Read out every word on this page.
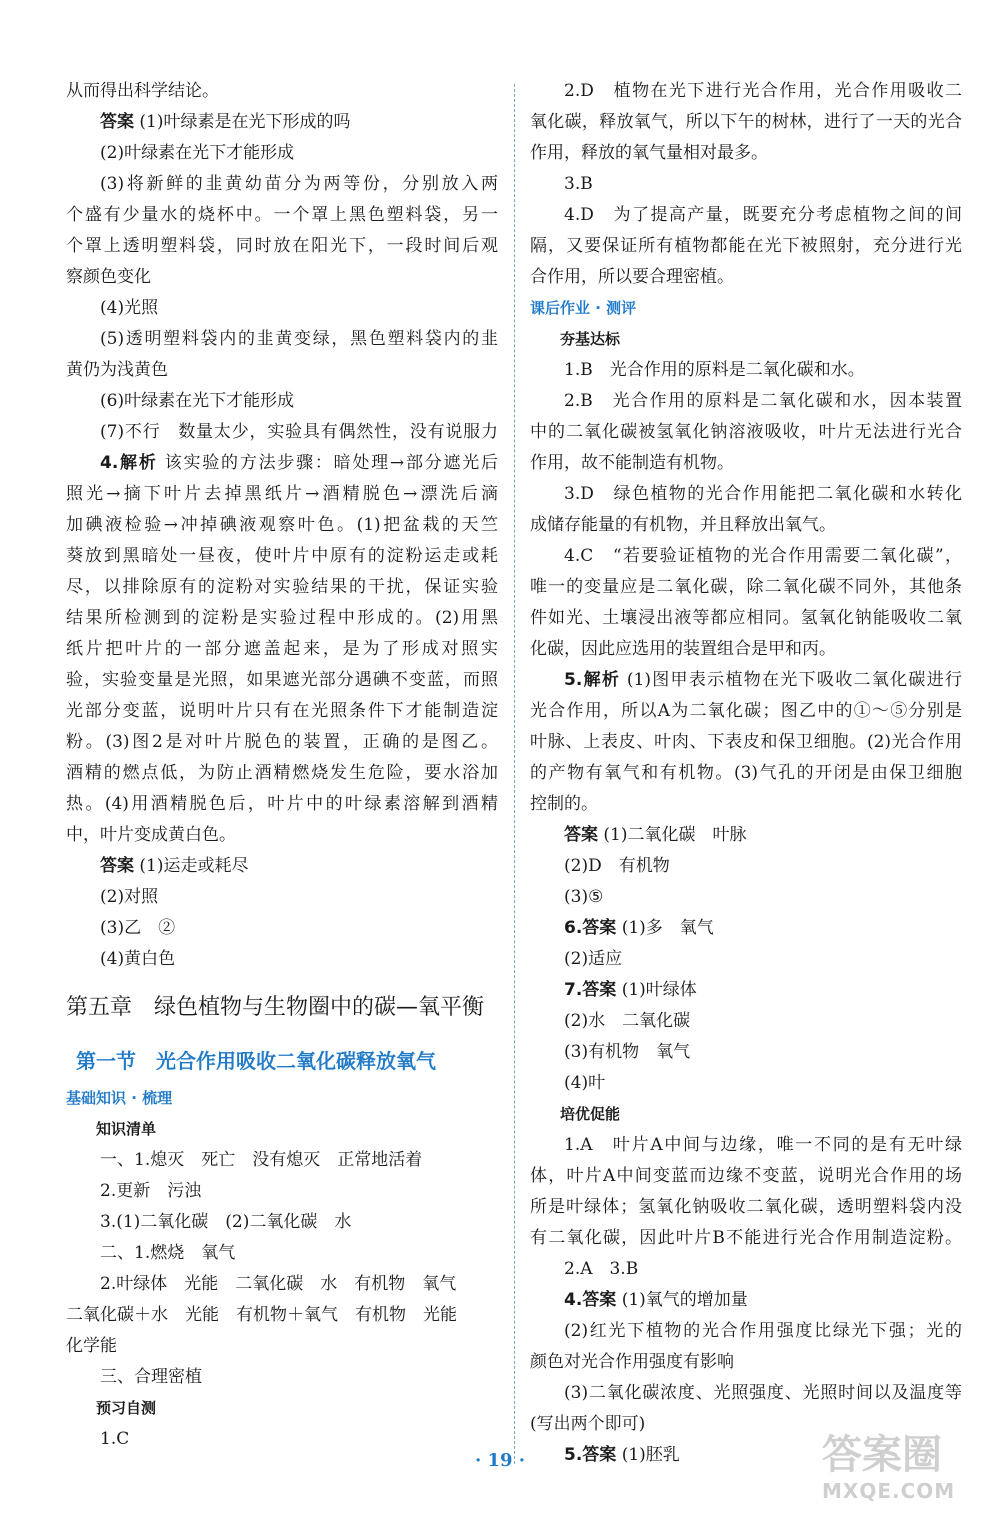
从而得出科学结论。
答案 (1)叶绿素是在光下形成的吗
(2)叶绿素在光下才能形成
(3)将新鲜的韭黄幼苗分为两等份，分别放入两
个盛有少量水的烧杯中。一个罩上黑色塑料袋，另一
个罩上透明塑料袋，同时放在阳光下，一段时间后观
察颜色变化
(4)光照
(5)透明塑料袋内的韭黄变绿，黑色塑料袋内的韭
黄仍为浅黄色
(6)叶绿素在光下才能形成
(7)不行　数量太少，实验具有偶然性，没有说服力
4.解析 该实验的方法步骤：暗处理→部分遮光后
照光→摘下叶片去掉黑纸片→酒精脱色→漂洗后滴
加碘液检验→冲掉碘液观察叶色。(1)把盆栽的天竺
葵放到黑暗处一昼夜，使叶片中原有的淀粉运走或耗
尽，以排除原有的淀粉对实验结果的干扰，保证实验
结果所检测到的淀粉是实验过程中形成的。(2)用黑
纸片把叶片的一部分遮盖起来，是为了形成对照实
验，实验变量是光照，如果遮光部分遇碘不变蓝，而照
光部分变蓝，说明叶片只有在光照条件下才能制造淀
粉。(3)图2是对叶片脱色的装置，正确的是图乙。
酒精的燃点低，为防止酒精燃烧发生危险，要水浴加
热。(4)用酒精脱色后，叶片中的叶绿素溶解到酒精
中，叶片变成黄白色。
答案 (1)运走或耗尽
(2)对照
(3)乙　②
(4)黄白色
第五章　绿色植物与生物圈中的碳—氧平衡
第一节　光合作用吸收二氧化碳释放氧气
基础知识 · 梳理
知识清单
一、1.熄灭　死亡　没有熄灭　正常地活着
2.更新　污浊
3.(1)二氧化碳　(2)二氧化碳　水
二、1.燃烧　氧气
2.叶绿体　光能　二氧化碳　水　有机物　氧气
二氧化碳＋水　光能　有机物＋氧气　有机物　光能
化学能
三、合理密植
预习自测
1.C
2.D　植物在光下进行光合作用，光合作用吸收二
氧化碳，释放氧气，所以下午的树林，进行了一天的光合
作用，释放的氧气量相对最多。
3.B
4.D　为了提高产量，既要充分考虑植物之间的间
隔，又要保证所有植物都能在光下被照射，充分进行光
合作用，所以要合理密植。
课后作业 · 测评
夯基达标
1.B　光合作用的原料是二氧化碳和水。
2.B　光合作用的原料是二氧化碳和水，因本装置
中的二氧化碳被氢氧化钠溶液吸收，叶片无法进行光合
作用，故不能制造有机物。
3.D　绿色植物的光合作用能把二氧化碳和水转化
成储存能量的有机物，并且释放出氧气。
4.C　“若要验证植物的光合作用需要二氧化碳”，
唯一的变量应是二氧化碳，除二氧化碳不同外，其他条
件如光、土壤浸出液等都应相同。氢氧化钠能吸收二氧
化碳，因此应选用的装置组合是甲和丙。
5.解析 (1)图甲表示植物在光下吸收二氧化碳进行
光合作用，所以A为二氧化碳；图乙中的①～⑤分别是
叶脉、上表皮、叶肉、下表皮和保卫细胞。(2)光合作用
的产物有氧气和有机物。(3)气孔的开闭是由保卫细胞
控制的。
答案 (1)二氧化碳　叶脉
(2)D　有机物
(3)⑤
6.答案 (1)多　氧气
(2)适应
7.答案 (1)叶绿体
(2)水　二氧化碳
(3)有机物　氧气
(4)叶
培优促能
1.A　叶片A中间与边缘，唯一不同的是有无叶绿
体，叶片A中间变蓝而边缘不变蓝，说明光合作用的场
所是叶绿体；氢氧化钠吸收二氧化碳，透明塑料袋内没
有二氧化碳，因此叶片B不能进行光合作用制造淀粉。
2.A　3.B
4.答案 (1)氧气的增加量
(2)红光下植物的光合作用强度比绿光下强；光的
颜色对光合作用强度有影响
(3)二氧化碳浓度、光照强度、光照时间以及温度等
(写出两个即可)
5.答案 (1)胚乳
· 19 ·	答案圈
MXQE.COM
